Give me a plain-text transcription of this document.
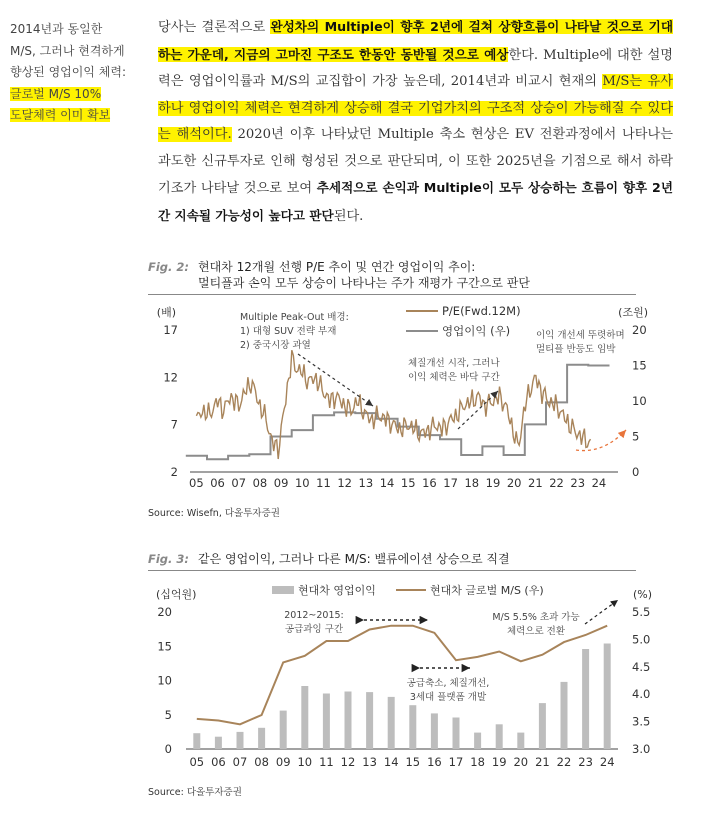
2014년과 동일한
M/S, 그러나 현격하게
향상된 영업이익 체력:
글로벌 M/S 10%
도달체력 이미 확보
당사는 결론적으로 완성차의 Multiple이 향후 2년에 걸쳐 상향흐름이 나타날 것으로 기대하는 가운데, 지금의 고마진 구조도 한동안 동반될 것으로 예상한다. Multiple에 대한 설명력은 영업이익률과 M/S의 교집합이 가장 높은데, 2014년과 비교시 현재의 M/S는 유사하나 영업이익 체력은 현격하게 상승해 결국 기업가치의 구조적 상승이 가능해질 수 있다는 해석이다. 2020년 이후 나타났던 Multiple 축소 현상은 EV 전환과정에서 나타나는 과도한 신규투자로 인해 형성된 것으로 판단되며, 이 또한 2025년을 기점으로 해서 하락기조가 나타날 것으로 보여 추세적으로 손익과 Multiple이 모두 상승하는 흐름이 향후 2년간 지속될 가능성이 높다고 판단된다.
Fig. 2: 현대차 12개월 선행 P/E 추이 및 연간 영업이익 추이:
멀티플과 손익 모두 상승이 나타나는 주가 재평가 구간으로 판단
(배)	(조원)
2
7
12
17
0
5
10
15
20
05 06 07 08 09 10 11 12 13 14 15 16 17 18 19 20 21 22 23 24
P/E(Fwd.12M)
영업이익 (우)
Multiple Peak-Out 배경:
1) 대형 SUV 전략 부재
2) 중국시장 과열
체질개선 시작, 그러나
이익 체력은 바닥 구간
이익 개선세 뚜렷하며
멀티플 반등도 임박
Source: Wisefn, 다올투자증권
Fig. 3: 같은 영업이익, 그러나 다른 M/S: 밸류에이션 상승으로 직결
(십억원)	(%)
0
5
10
15
20
3.0
3.5
4.0
4.5
5.0
5.5
05 06 07 08 09 10 11 12 13 14 15 16 17 18 19 20 21 22 23 24
현대차 영업이익	현대차 글로벌 M/S (우)
2012~2015:
공급과잉 구간
공급축소, 체질개선,
3세대 플랫폼 개발
M/S 5.5% 초과 가능
체력으로 전환
Source: 다올투자증권
